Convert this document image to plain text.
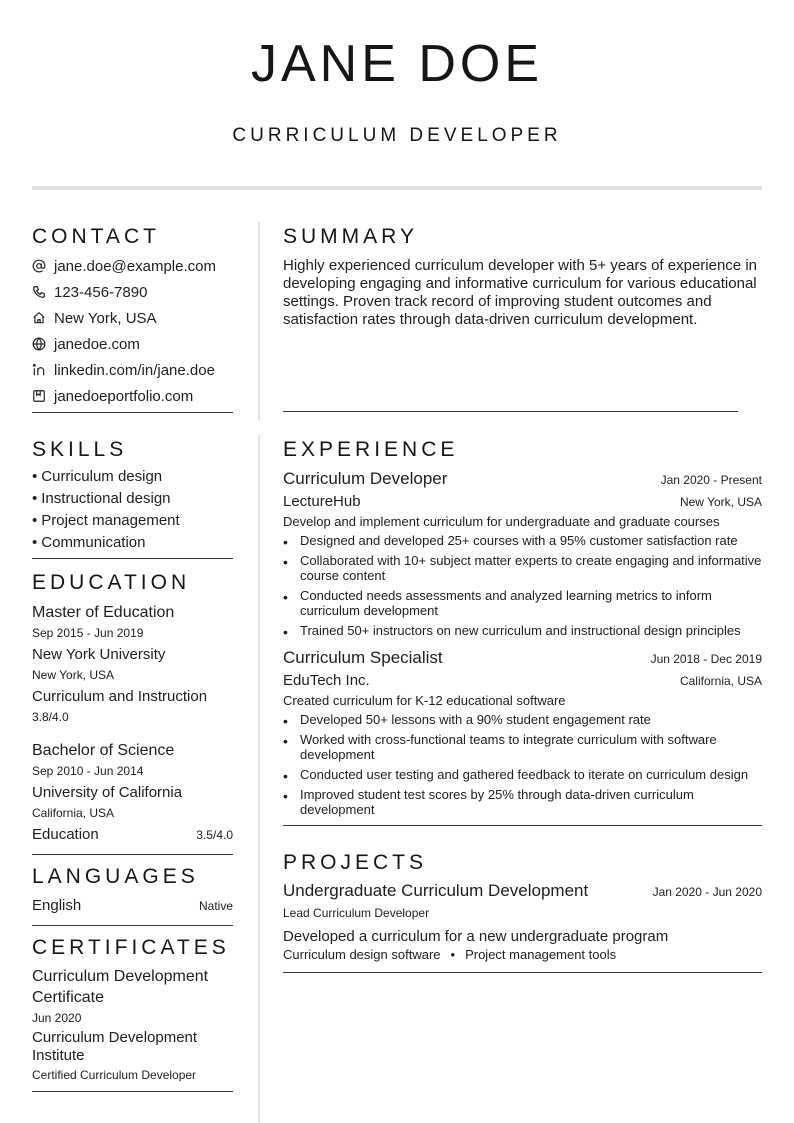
JANE DOE
CURRICULUM DEVELOPER
CONTACT
jane.doe@example.com
123-456-7890
New York, USA
janedoe.com
linkedin.com/in/jane.doe
janedoeportfolio.com
SKILLS
• Curriculum design
• Instructional design
• Project management
• Communication
EDUCATION
Master of Education
Sep 2015 - Jun 2019
New York University
New York, USA
Curriculum and Instruction
3.8/4.0
Bachelor of Science
Sep 2010 - Jun 2014
University of California
California, USA
Education	3.5/4.0
LANGUAGES
English	Native
CERTIFICATES
Curriculum Development Certificate
Jun 2020
Curriculum Development Institute
Certified Curriculum Developer
SUMMARY
Highly experienced curriculum developer with 5+ years of experience in developing engaging and informative curriculum for various educational settings. Proven track record of improving student outcomes and satisfaction rates through data-driven curriculum development.
EXPERIENCE
Curriculum Developer	Jan 2020 - Present
LectureHub	New York, USA
Develop and implement curriculum for undergraduate and graduate courses
• Designed and developed 25+ courses with a 95% customer satisfaction rate
• Collaborated with 10+ subject matter experts to create engaging and informative course content
• Conducted needs assessments and analyzed learning metrics to inform curriculum development
• Trained 50+ instructors on new curriculum and instructional design principles
Curriculum Specialist	Jun 2018 - Dec 2019
EduTech Inc.	California, USA
Created curriculum for K-12 educational software
• Developed 50+ lessons with a 90% student engagement rate
• Worked with cross-functional teams to integrate curriculum with software development
• Conducted user testing and gathered feedback to iterate on curriculum design
• Improved student test scores by 25% through data-driven curriculum development
PROJECTS
Undergraduate Curriculum Development	Jan 2020 - Jun 2020
Lead Curriculum Developer
Developed a curriculum for a new undergraduate program
Curriculum design software • Project management tools
